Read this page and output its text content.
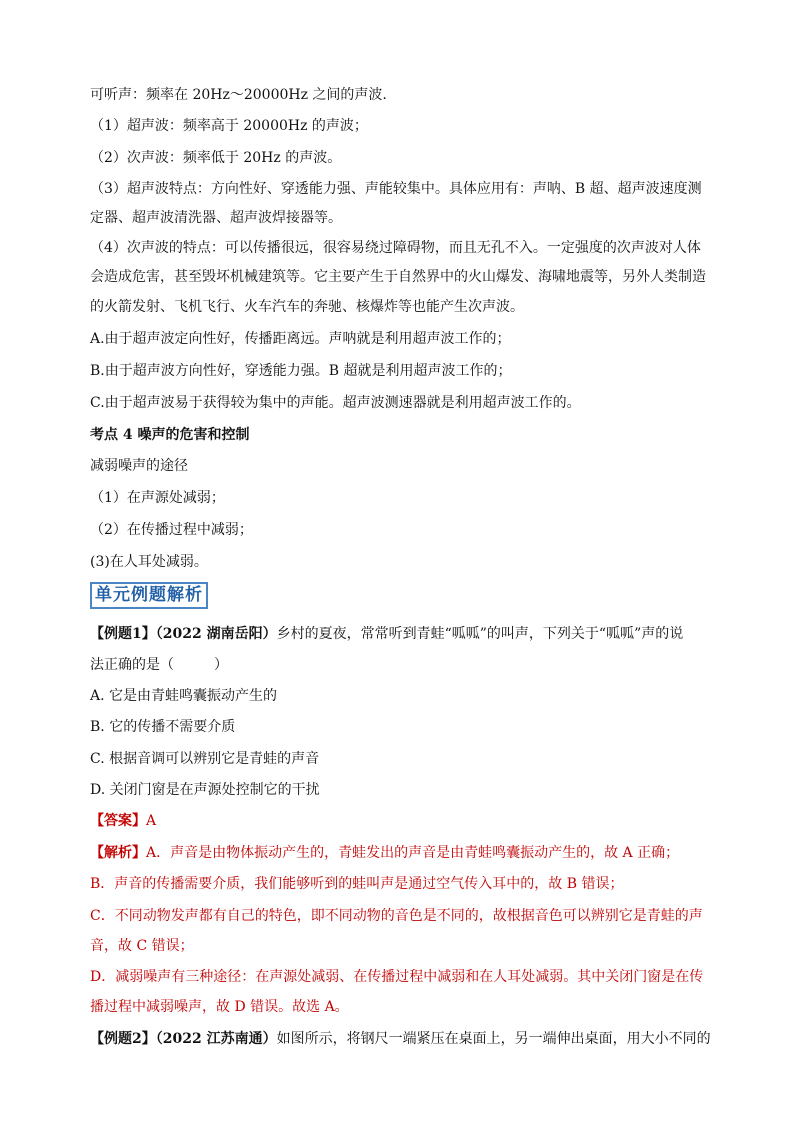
可听声：频率在 20Hz～20000Hz 之间的声波.
（1）超声波：频率高于 20000Hz 的声波；
（2）次声波：频率低于 20Hz 的声波。
（3）超声波特点：方向性好、穿透能力强、声能较集中。具体应用有：声呐、B 超、超声波速度测
定器、超声波清洗器、超声波焊接器等。
（4）次声波的特点：可以传播很远，很容易绕过障碍物，而且无孔不入。一定强度的次声波对人体
会造成危害，甚至毁坏机械建筑等。它主要产生于自然界中的火山爆发、海啸地震等，另外人类制造
的火箭发射、飞机飞行、火车汽车的奔驰、核爆炸等也能产生次声波。
A.由于超声波定向性好，传播距离远。声呐就是利用超声波工作的；
B.由于超声波方向性好，穿透能力强。B 超就是利用超声波工作的；
C.由于超声波易于获得较为集中的声能。超声波测速器就是利用超声波工作的。
考点 4 噪声的危害和控制
减弱噪声的途径
（1）在声源处减弱；
（2）在传播过程中减弱；
(3)在人耳处减弱。
单元例题解析
【例题1】（2022 湖南岳阳）乡村的夏夜，常常听到青蛙“呱呱”的叫声，下列关于“呱呱”声的说
法正确的是（	）
A. 它是由青蛙鸣囊振动产生的
B. 它的传播不需要介质
C. 根据音调可以辨别它是青蛙的声音
D. 关闭门窗是在声源处控制它的干扰
【答案】A
【解析】A．声音是由物体振动产生的，青蛙发出的声音是由青蛙鸣囊振动产生的，故 A 正确；
B．声音的传播需要介质，我们能够听到的蛙叫声是通过空气传入耳中的，故 B 错误；
C．不同动物发声都有自己的特色，即不同动物的音色是不同的，故根据音色可以辨别它是青蛙的声
音，故 C 错误；
D．减弱噪声有三种途径：在声源处减弱、在传播过程中减弱和在人耳处减弱。其中关闭门窗是在传
播过程中减弱噪声，故 D 错误。故选 A。
【例题2】（2022 江苏南通）如图所示，将钢尺一端紧压在桌面上，另一端伸出桌面，用大小不同的
